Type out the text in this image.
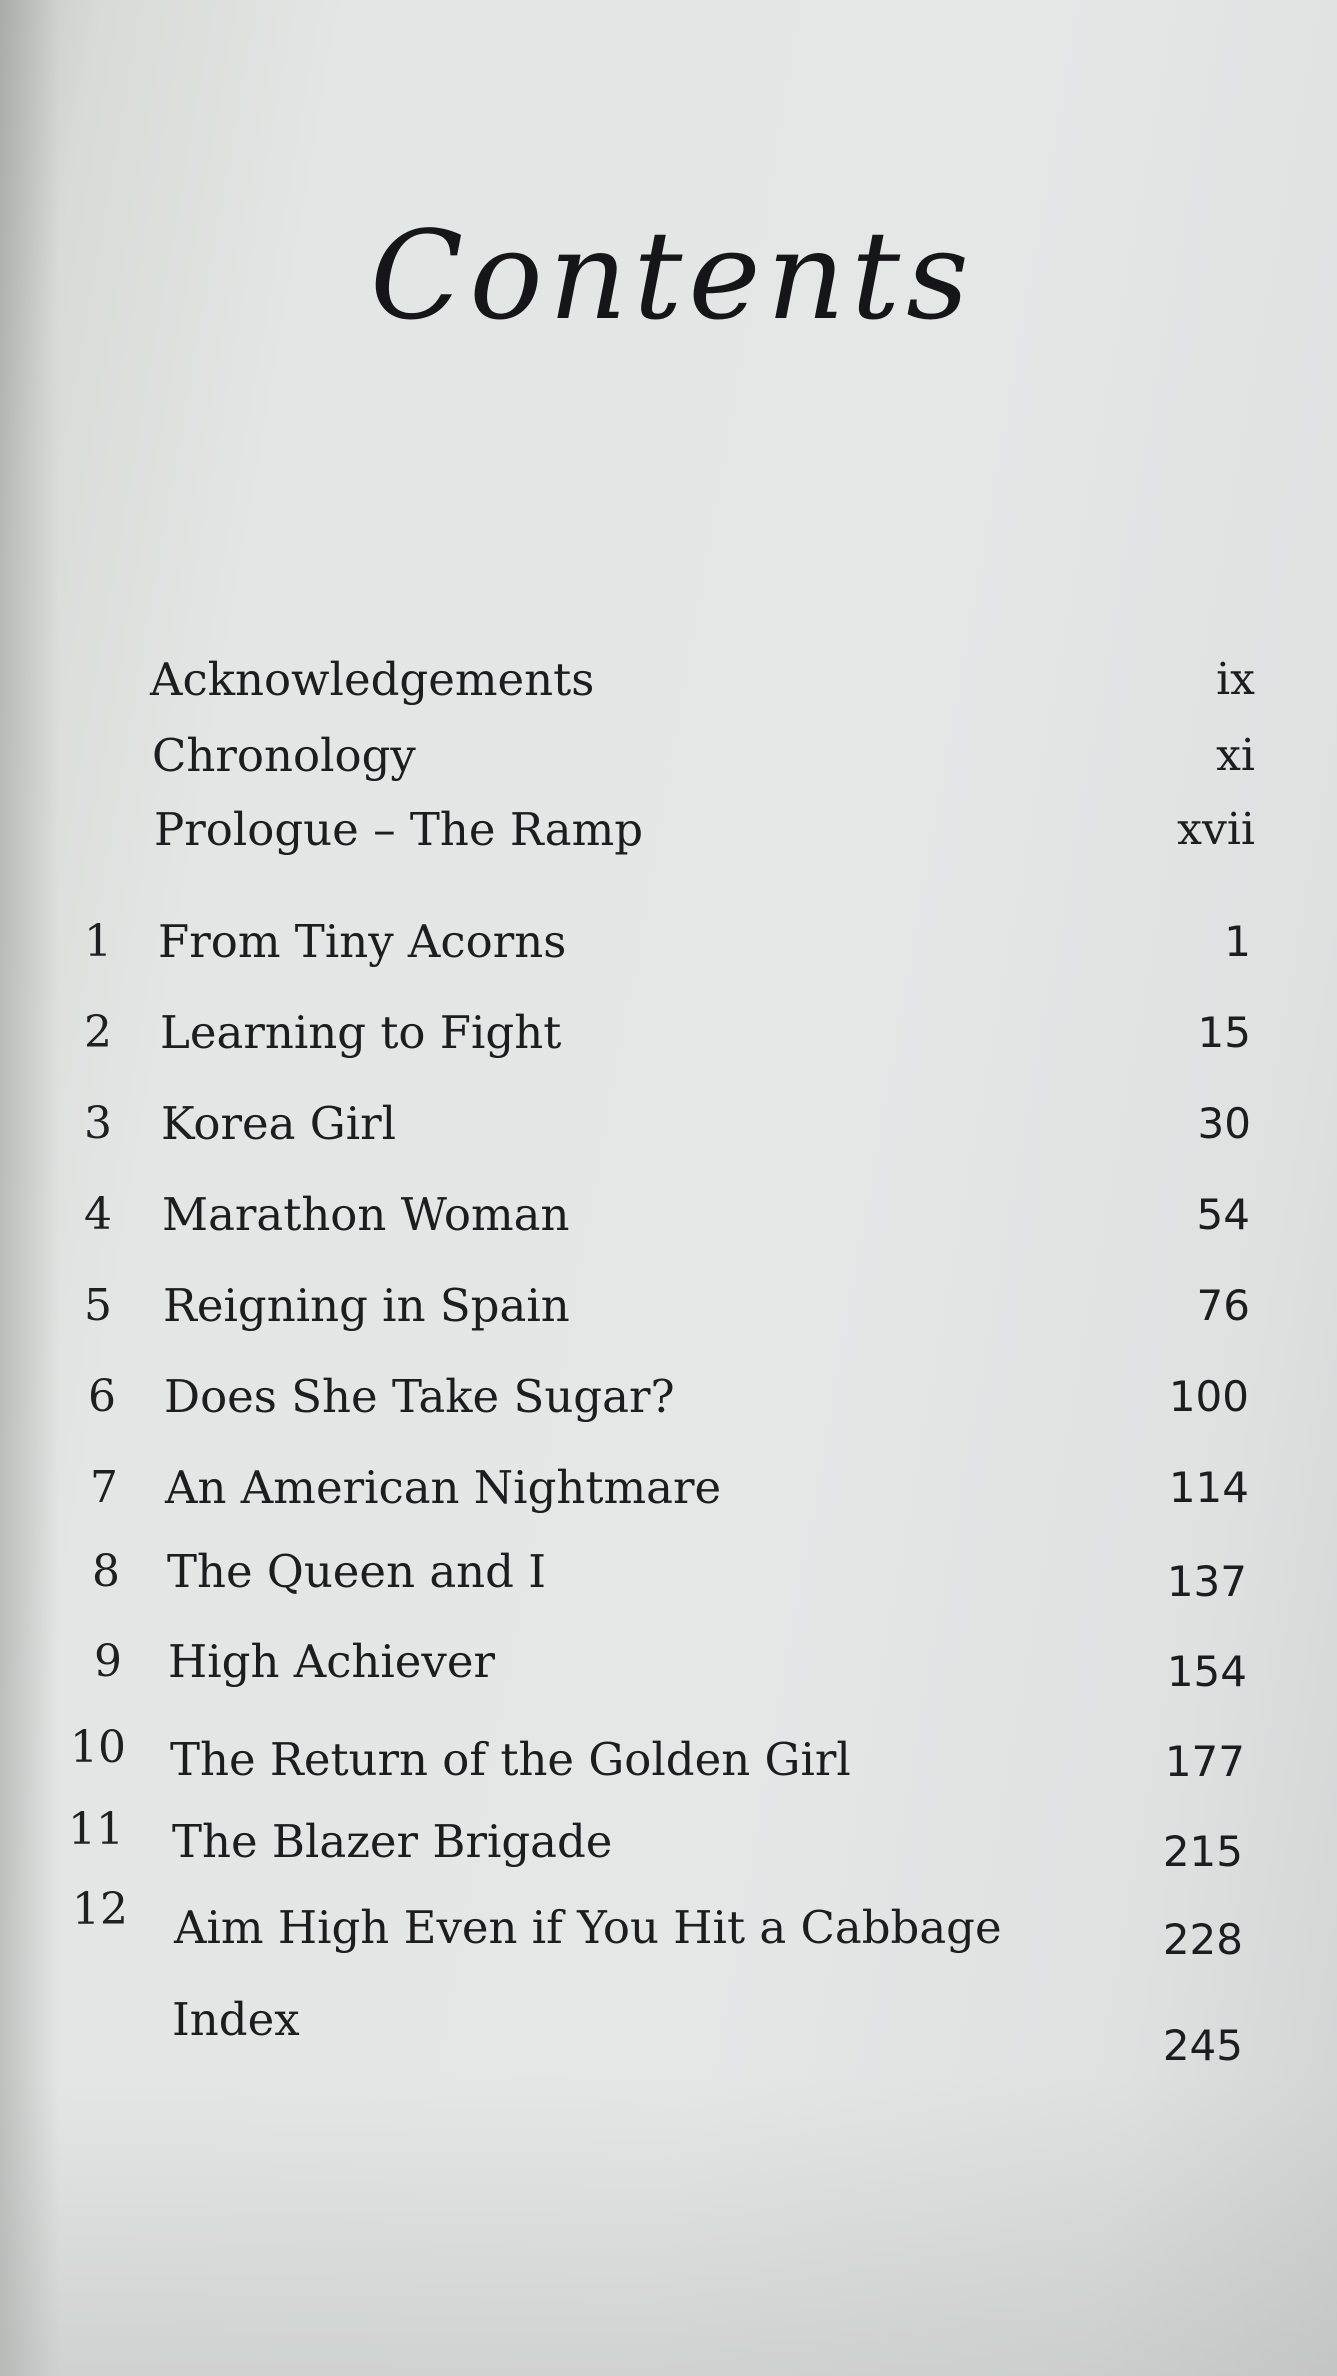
Contents
Acknowledgements	ix
Chronology	xi
Prologue – The Ramp	xvii
1 From Tiny Acorns	1
2 Learning to Fight	15
3 Korea Girl	30
4 Marathon Woman	54
5 Reigning in Spain	76
6 Does She Take Sugar?	100
7 An American Nightmare	114
8 The Queen and I	137
9 High Achiever	154
10 The Return of the Golden Girl	177
11 The Blazer Brigade	215
12 Aim High Even if You Hit a Cabbage	228
Index	245
